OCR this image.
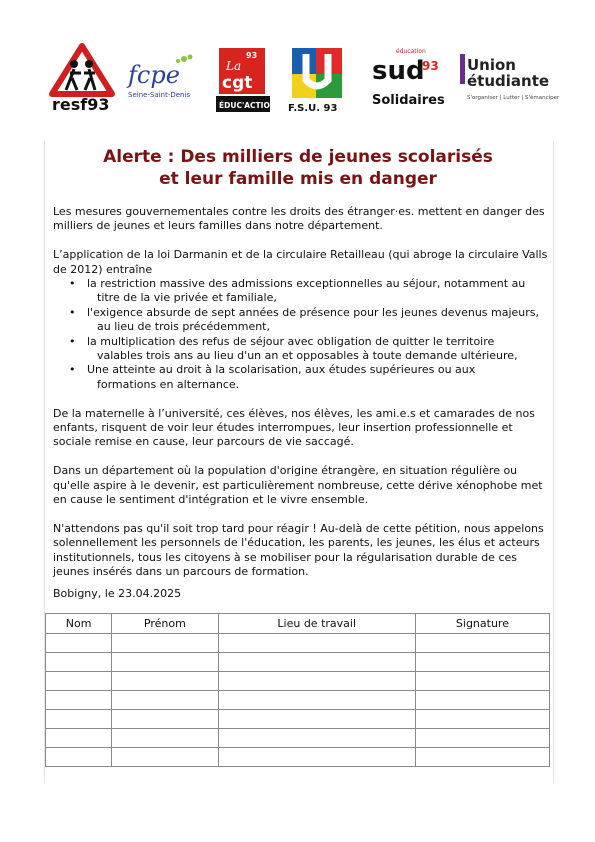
resf93
fcpe
Seine-Saint-Denis
93
La
cgt
ÉDUC'ACTION F.S.U. 93
éducation
sud
93
Solidaires
Union
étudiante
S'organiser | Lutter | S'émanciper
Alerte : Des milliers de jeunes scolarisés
et leur famille mis en danger

Les mesures gouvernementales contre les droits des étranger·es. mettent en danger des milliers de jeunes et leurs familles dans notre département.

L’application de la loi Darmanin et de la circulaire Retailleau (qui abroge la circulaire Valls de 2012) entraîne

• la restriction massive des admissions exceptionnelles au séjour, notamment au
titre de la vie privée et familiale,
• l'exigence absurde de sept années de présence pour les jeunes devenus majeurs,
au lieu de trois précédemment,
• la multiplication des refus de séjour avec obligation de quitter le territoire
valables trois ans au lieu d'un an et opposables à toute demande ultérieure,
• Une atteinte au droit à la scolarisation, aux études supérieures ou aux
formations en alternance.

De la maternelle à l’université, ces élèves, nos élèves, les ami.e.s et camarades de nos enfants, risquent de voir leur études interrompues, leur insertion professionnelle et sociale remise en cause, leur parcours de vie saccagé.

Dans un département où la population d'origine étrangère, en situation régulière ou qu'elle aspire à le devenir, est particulièrement nombreuse, cette dérive xénophobe met en cause le sentiment d'intégration et le vivre ensemble.

N'attendons pas qu'il soit trop tard pour réagir ! Au-delà de cette pétition, nous appelons solennellement les personnels de l'éducation, les parents, les jeunes, les élus et acteurs institutionnels, tous les citoyens à se mobiliser pour la régularisation durable de ces jeunes insérés dans un parcours de formation.

Bobigny, le 23.04.2025
Nom	Prénom	Lieu de travail	Signature
